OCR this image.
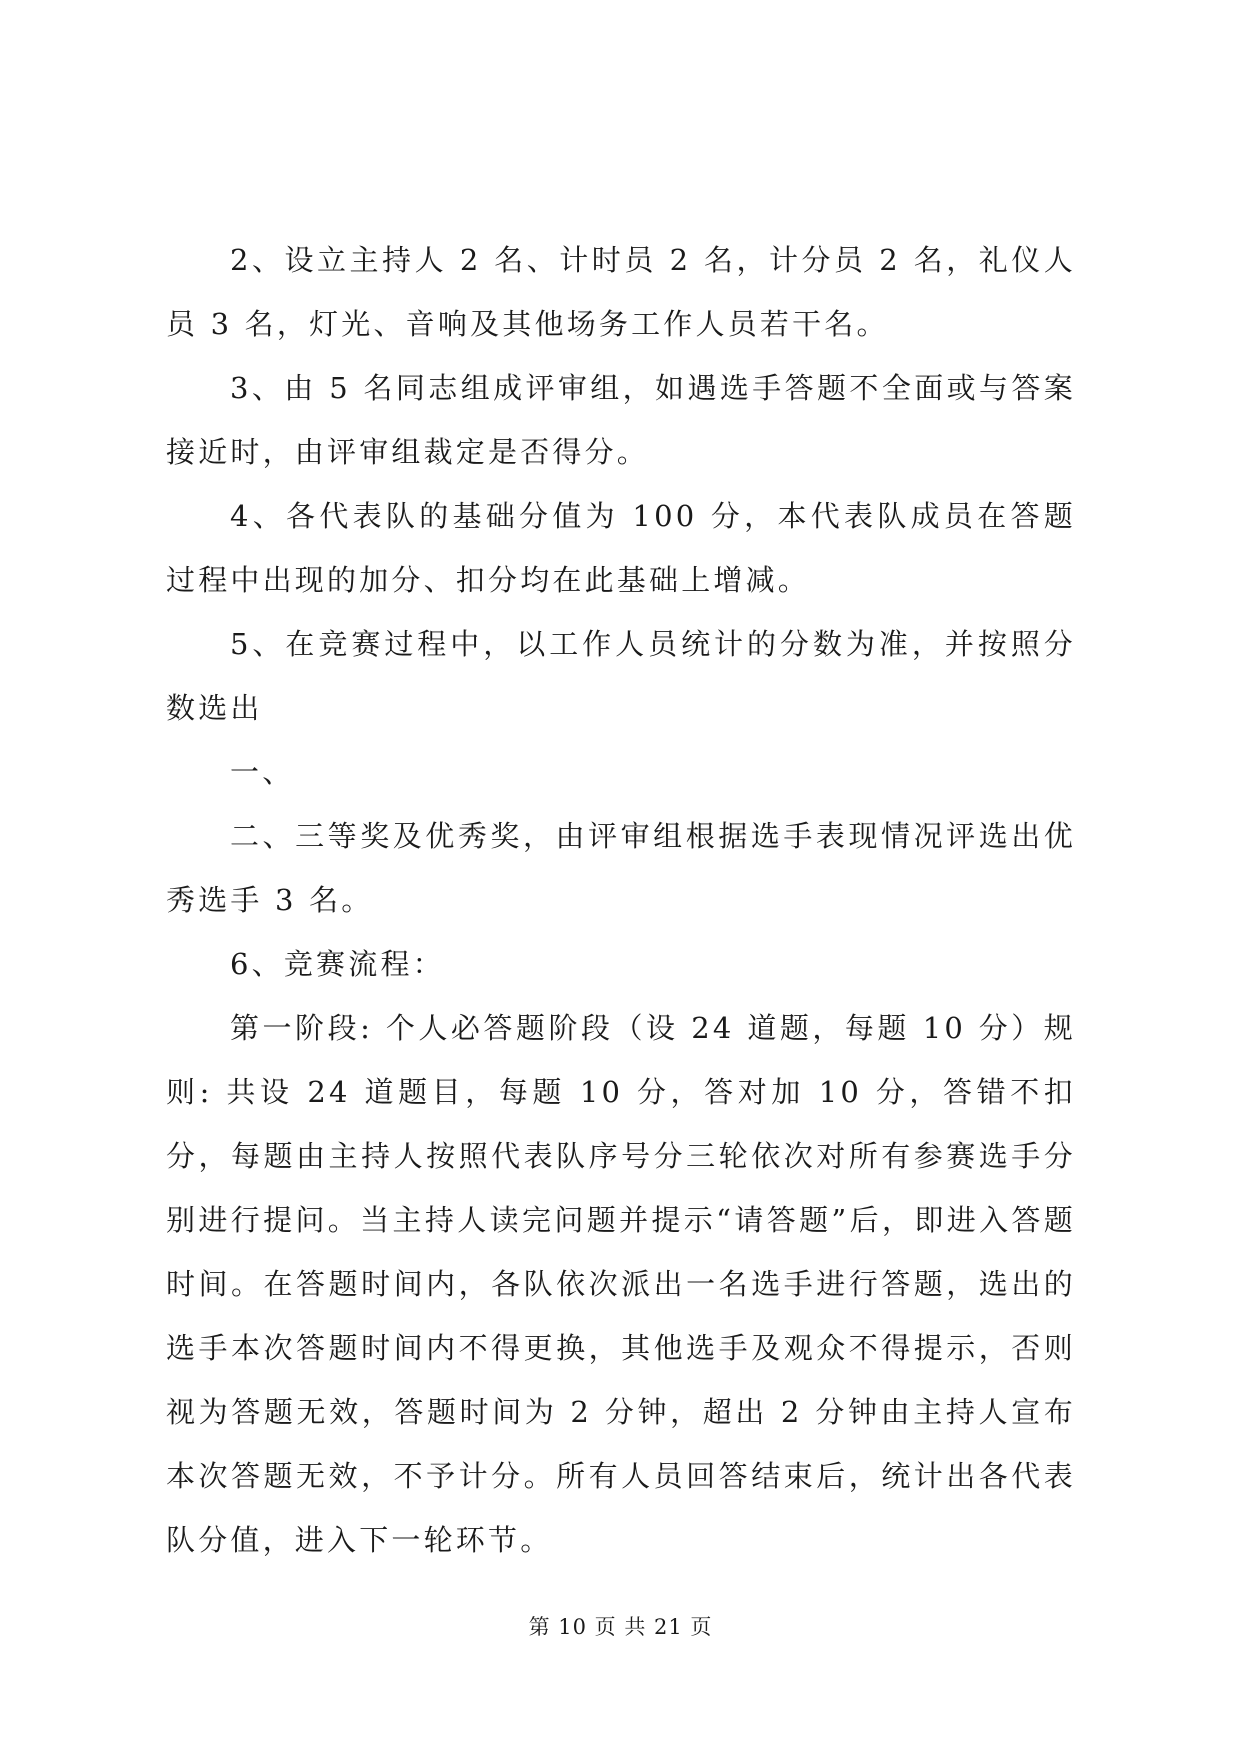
2、设立主持人 2 名、计时员 2 名，计分员 2 名，礼仪人员 3 名，灯光、音响及其他场务工作人员若干名。

3、由 5 名同志组成评审组，如遇选手答题不全面或与答案接近时，由评审组裁定是否得分。

4、各代表队的基础分值为 100 分，本代表队成员在答题过程中出现的加分、扣分均在此基础上增减。

5、在竞赛过程中，以工作人员统计的分数为准，并按照分数选出

一、

二、三等奖及优秀奖，由评审组根据选手表现情况评选出优秀选手 3 名。

6、竞赛流程：

第一阶段: 个人必答题阶段（设 24 道题，每题 10 分）规则: 共设 24 道题目，每题 10 分，答对加 10 分，答错不扣分，每题由主持人按照代表队序号分三轮依次对所有参赛选手分别进行提问。当主持人读完问题并提示“请答题”后，即进入答题时间。在答题时间内，各队依次派出一名选手进行答题，选出的选手本次答题时间内不得更换，其他选手及观众不得提示，否则视为答题无效，答题时间为 2 分钟，超出 2 分钟由主持人宣布本次答题无效，不予计分。所有人员回答结束后，统计出各代表队分值，进入下一轮环节。

第 10 页 共 21 页
